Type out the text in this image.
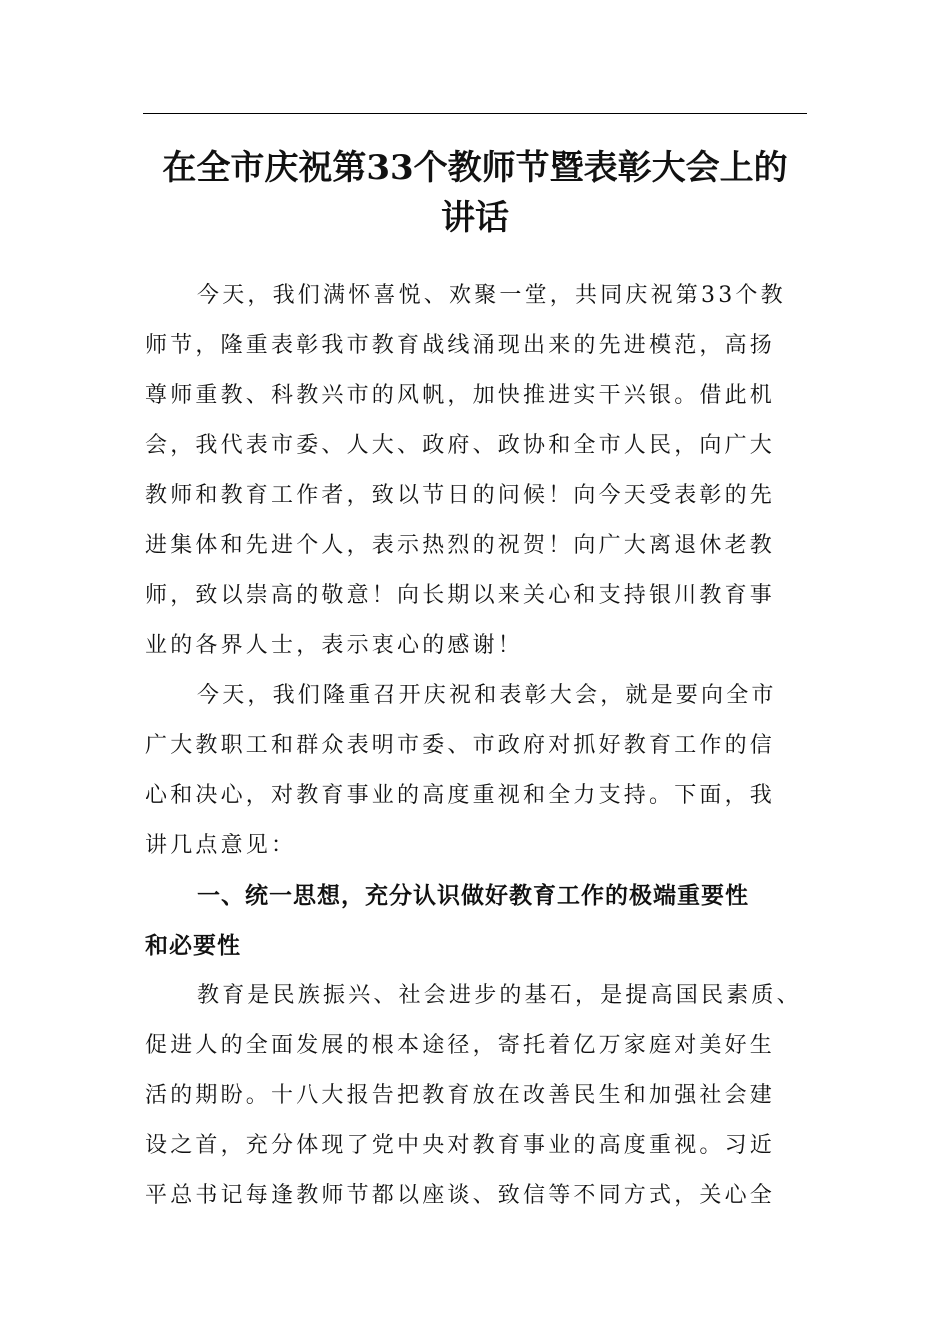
在全市庆祝第33个教师节暨表彰大会上的
讲话

今天，我们满怀喜悦、欢聚一堂，共同庆祝第33个教
师节，隆重表彰我市教育战线涌现出来的先进模范，高扬
尊师重教、科教兴市的风帆，加快推进实干兴银。借此机
会，我代表市委、人大、政府、政协和全市人民，向广大
教师和教育工作者，致以节日的问候！向今天受表彰的先
进集体和先进个人，表示热烈的祝贺！向广大离退休老教
师，致以崇高的敬意！向长期以来关心和支持银川教育事
业的各界人士，表示衷心的感谢！

今天，我们隆重召开庆祝和表彰大会，就是要向全市
广大教职工和群众表明市委、市政府对抓好教育工作的信
心和决心，对教育事业的高度重视和全力支持。下面，我
讲几点意见：

一、统一思想，充分认识做好教育工作的极端重要性
和必要性

教育是民族振兴、社会进步的基石，是提高国民素质、
促进人的全面发展的根本途径，寄托着亿万家庭对美好生
活的期盼。十八大报告把教育放在改善民生和加强社会建
设之首，充分体现了党中央对教育事业的高度重视。习近
平总书记每逢教师节都以座谈、致信等不同方式，关心全
